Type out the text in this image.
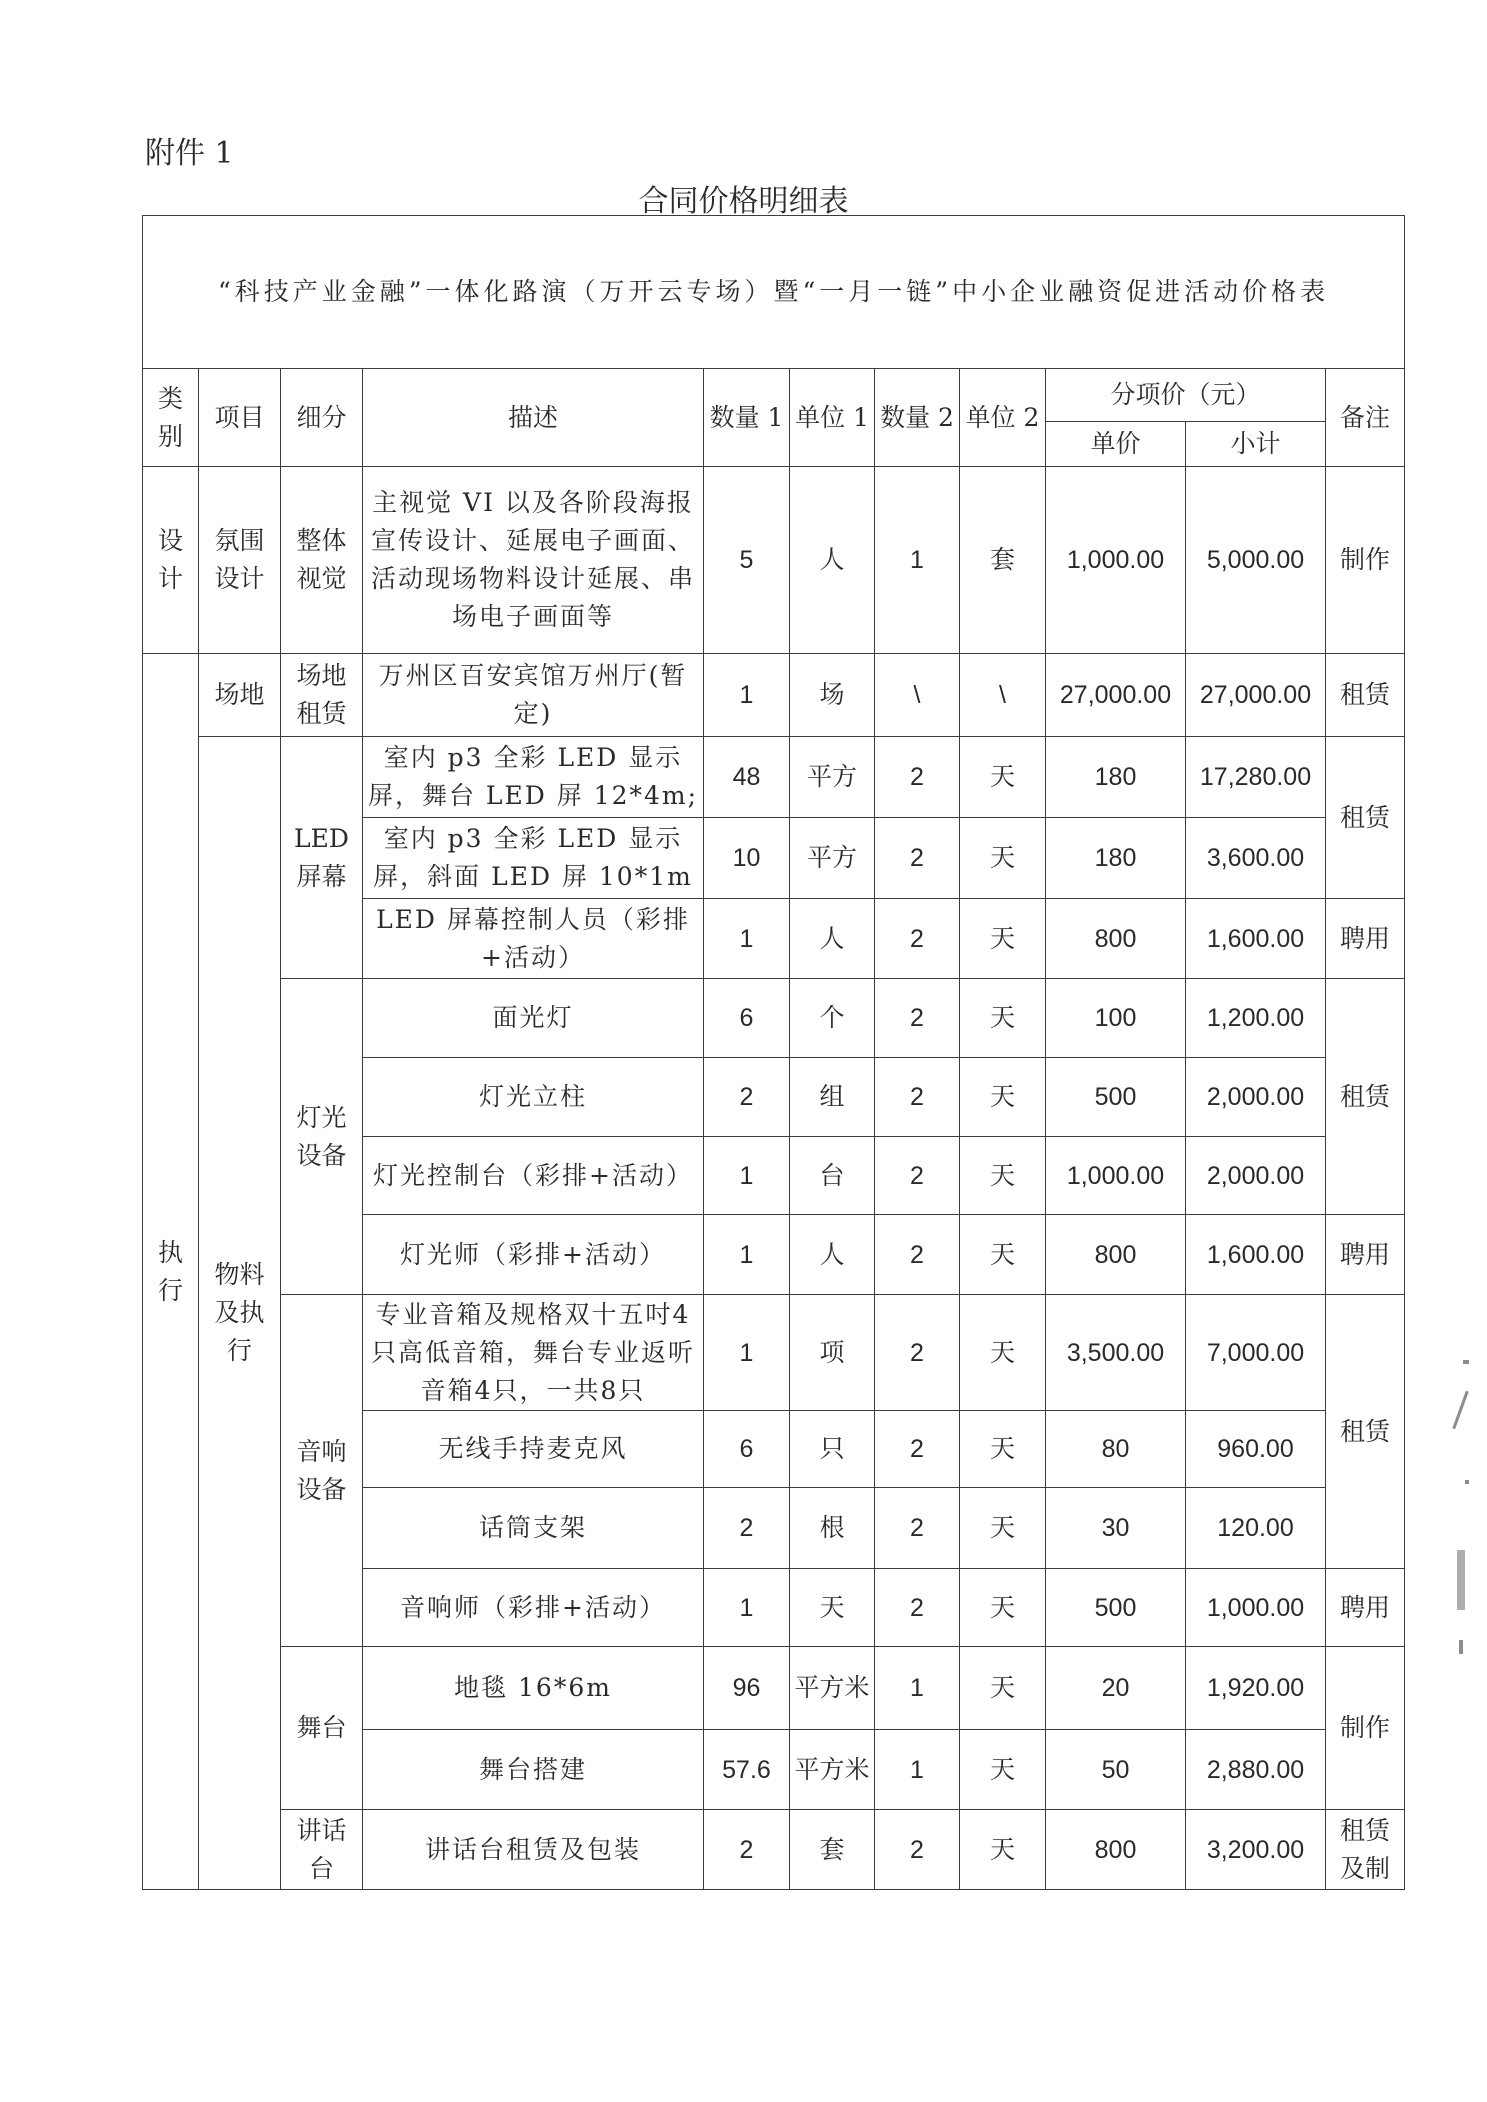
附件 1
合同价格明细表
“科技产业金融”一体化路演（万开云专场）暨“一月一链”中小企业融资促进活动价格表										
类别	项目	细分	描述	数量 1	单位 1	数量 2	单位 2	分项价（元）		备注
								单价	小计	
设计	氛围设计	整体视觉	主视觉 VI 以及各阶段海报宣传设计、延展电子画面、活动现场物料设计延展、串场电子画面等	5	人	1	套	1,000.00	5,000.00	制作
执行	场地	场地租赁	万州区百安宾馆万州厅(暂定)	1	场	\	\	27,000.00	27,000.00	租赁
	物料及执行	LED屏幕	室内 p3 全彩 LED 显示屏，舞台 LED 屏 12*4m;	48	平方	2	天	180	17,280.00	租赁
			室内 p3 全彩 LED 显示屏，斜面 LED 屏 10*1m	10	平方	2	天	180	3,600.00	
			LED 屏幕控制人员（彩排+活动）	1	人	2	天	800	1,600.00	聘用
		灯光设备	面光灯	6	个	2	天	100	1,200.00	租赁
			灯光立柱	2	组	2	天	500	2,000.00	
			灯光控制台（彩排+活动）	1	台	2	天	1,000.00	2,000.00	
			灯光师（彩排+活动）	1	人	2	天	800	1,600.00	聘用
		音响设备	专业音箱及规格双十五吋4只高低音箱，舞台专业返听音箱4只，一共8只	1	项	2	天	3,500.00	7,000.00	租赁
			无线手持麦克风	6	只	2	天	80	960.00	
			话筒支架	2	根	2	天	30	120.00	
			音响师（彩排+活动）	1	天	2	天	500	1,000.00	聘用
		舞台	地毯 16*6m	96	平方米	1	天	20	1,920.00	制作
			舞台搭建	57.6	平方米	1	天	50	2,880.00	
		讲话台	讲话台租赁及包装	2	套	2	天	800	3,200.00	租赁及制
